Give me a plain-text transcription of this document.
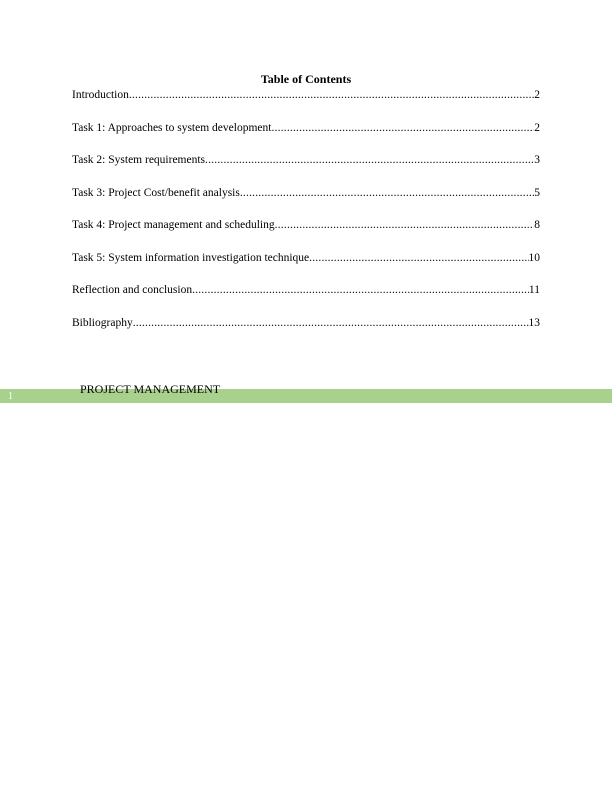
Table of Contents
Introduction .....	2
Task 1: Approaches to system development .....	2
Task 2: System requirements .....	3
Task 3: Project Cost/benefit analysis .....	5
Task 4: Project management and scheduling .....	8
Task 5: System information investigation technique .....	10
Reflection and conclusion .....	11
Bibliography .....	13
1
PROJECT MANAGEMENT
